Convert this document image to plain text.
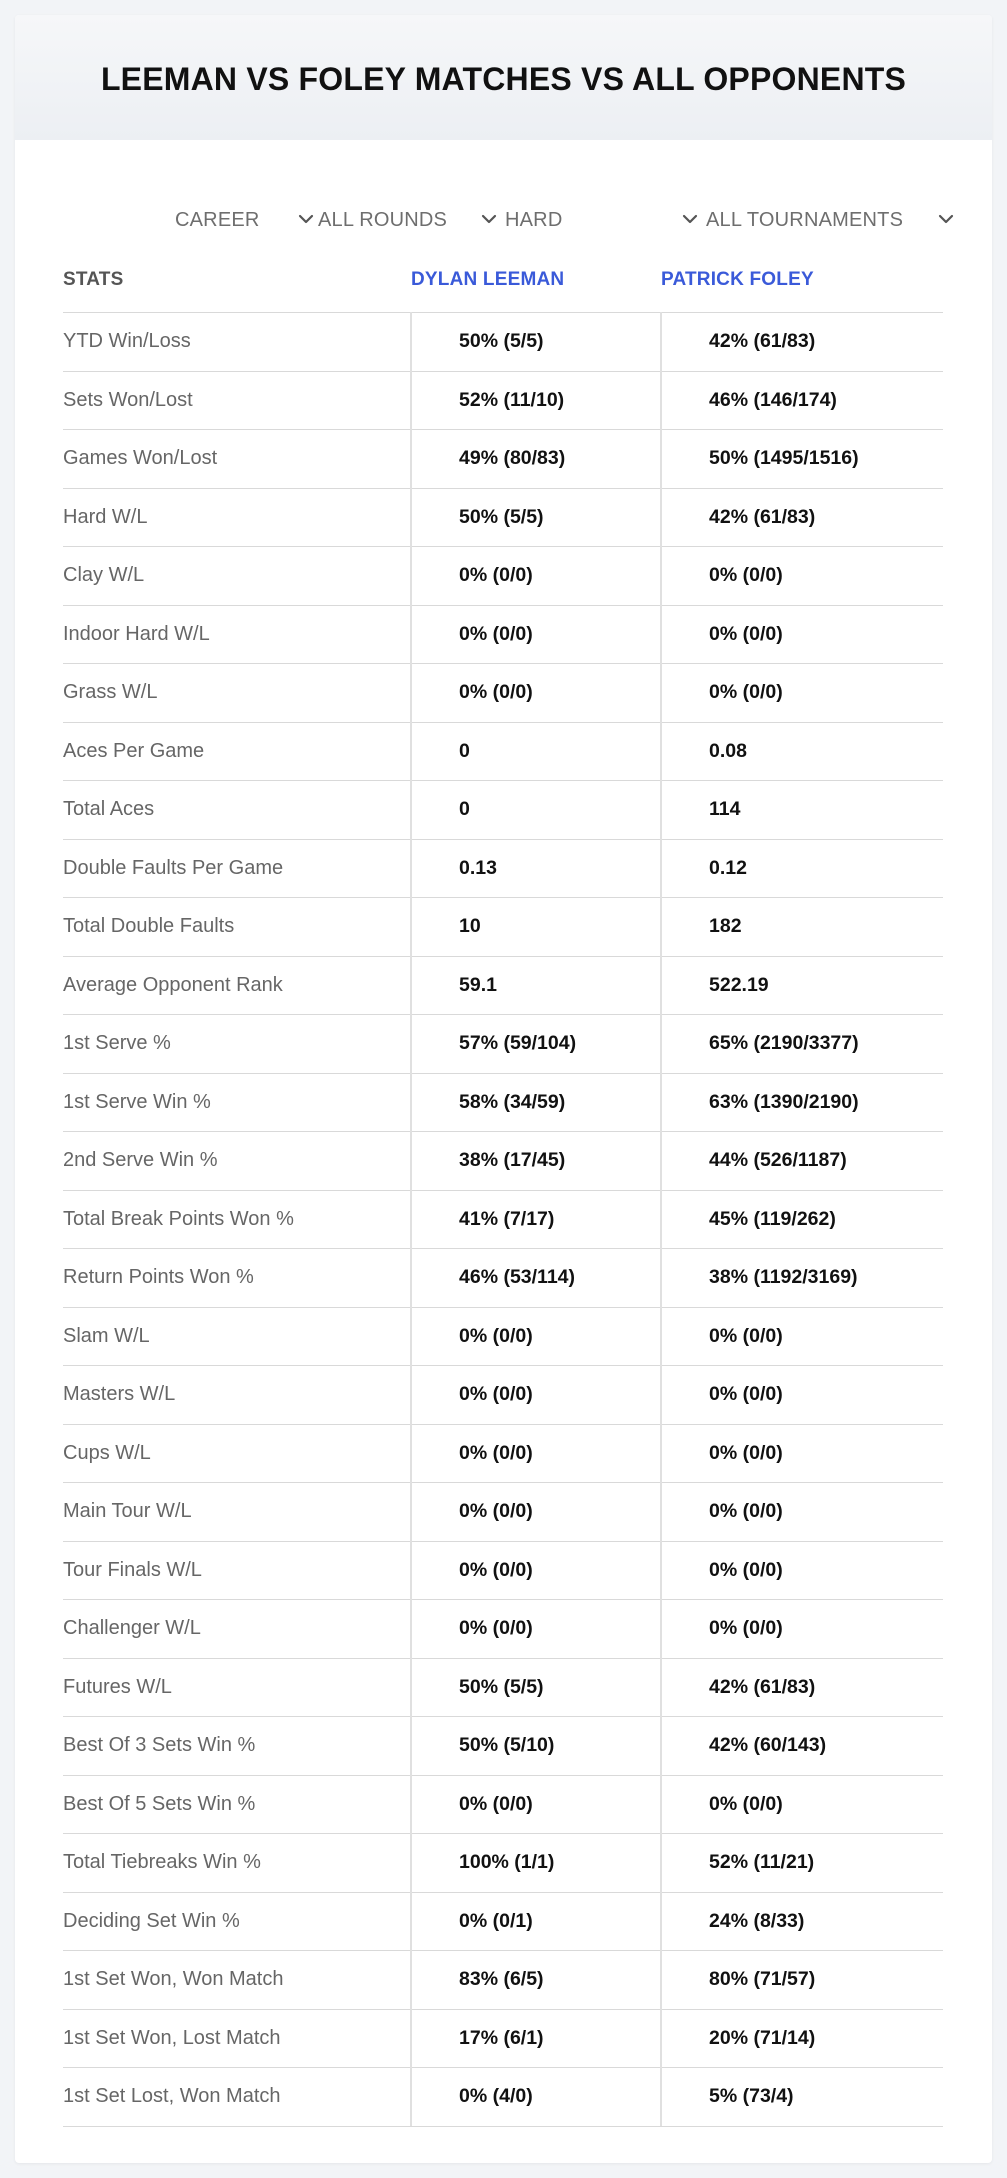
LEEMAN VS FOLEY MATCHES VS ALL OPPONENTS
CAREER	ALL ROUNDS	HARD	ALL TOURNAMENTS
STATS	DYLAN LEEMAN	PATRICK FOLEY
YTD Win/Loss	50% (5/5)	42% (61/83)
Sets Won/Lost	52% (11/10)	46% (146/174)
Games Won/Lost	49% (80/83)	50% (1495/1516)
Hard W/L	50% (5/5)	42% (61/83)
Clay W/L	0% (0/0)	0% (0/0)
Indoor Hard W/L	0% (0/0)	0% (0/0)
Grass W/L	0% (0/0)	0% (0/0)
Aces Per Game	0	0.08
Total Aces	0	114
Double Faults Per Game	0.13	0.12
Total Double Faults	10	182
Average Opponent Rank	59.1	522.19
1st Serve %	57% (59/104)	65% (2190/3377)
1st Serve Win %	58% (34/59)	63% (1390/2190)
2nd Serve Win %	38% (17/45)	44% (526/1187)
Total Break Points Won %	41% (7/17)	45% (119/262)
Return Points Won %	46% (53/114)	38% (1192/3169)
Slam W/L	0% (0/0)	0% (0/0)
Masters W/L	0% (0/0)	0% (0/0)
Cups W/L	0% (0/0)	0% (0/0)
Main Tour W/L	0% (0/0)	0% (0/0)
Tour Finals W/L	0% (0/0)	0% (0/0)
Challenger W/L	0% (0/0)	0% (0/0)
Futures W/L	50% (5/5)	42% (61/83)
Best Of 3 Sets Win %	50% (5/10)	42% (60/143)
Best Of 5 Sets Win %	0% (0/0)	0% (0/0)
Total Tiebreaks Win %	100% (1/1)	52% (11/21)
Deciding Set Win %	0% (0/1)	24% (8/33)
1st Set Won, Won Match	83% (6/5)	80% (71/57)
1st Set Won, Lost Match	17% (6/1)	20% (71/14)
1st Set Lost, Won Match	0% (4/0)	5% (73/4)
